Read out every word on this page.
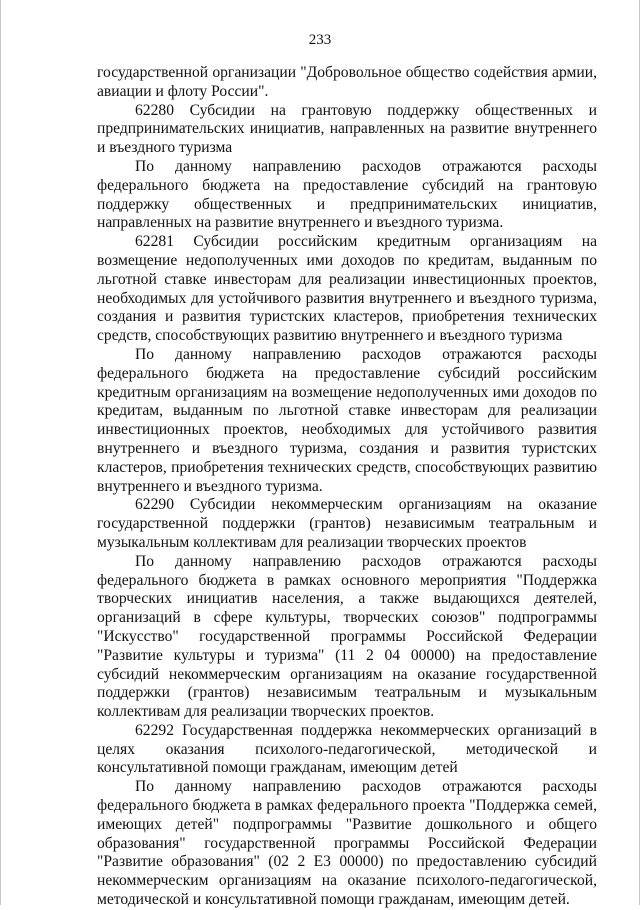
233

государственной организации "Добровольное общество содействия армии, авиации и флоту России".

62280 Субсидии на грантовую поддержку общественных и предпринимательских инициатив, направленных на развитие внутреннего и въездного туризма

По данному направлению расходов отражаются расходы федерального бюджета на предоставление субсидий на грантовую поддержку общественных и предпринимательских инициатив, направленных на развитие внутреннего и въездного туризма.

62281 Субсидии российским кредитным организациям на возмещение недополученных ими доходов по кредитам, выданным по льготной ставке инвесторам для реализации инвестиционных проектов, необходимых для устойчивого развития внутреннего и въездного туризма, создания и развития туристских кластеров, приобретения технических средств, способствующих развитию внутреннего и въездного туризма

По данному направлению расходов отражаются расходы федерального бюджета на предоставление субсидий российским кредитным организациям на возмещение недополученных ими доходов по кредитам, выданным по льготной ставке инвесторам для реализации инвестиционных проектов, необходимых для устойчивого развития внутреннего и въездного туризма, создания и развития туристских кластеров, приобретения технических средств, способствующих развитию внутреннего и въездного туризма.

62290 Субсидии некоммерческим организациям на оказание государственной поддержки (грантов) независимым театральным и музыкальным коллективам для реализации творческих проектов

По данному направлению расходов отражаются расходы федерального бюджета в рамках основного мероприятия "Поддержка творческих инициатив населения, а также выдающихся деятелей, организаций в сфере культуры, творческих союзов" подпрограммы "Искусство" государственной программы Российской Федерации "Развитие культуры и туризма" (11 2 04 00000) на предоставление субсидий некоммерческим организациям на оказание государственной поддержки (грантов) независимым театральным и музыкальным коллективам для реализации творческих проектов.

62292 Государственная поддержка некоммерческих организаций в целях оказания психолого-педагогической, методической и консультативной помощи гражданам, имеющим детей

По данному направлению расходов отражаются расходы федерального бюджета в рамках федерального проекта "Поддержка семей, имеющих детей" подпрограммы "Развитие дошкольного и общего образования" государственной программы Российской Федерации "Развитие образования" (02 2 E3 00000) по предоставлению субсидий некоммерческим организациям на оказание психолого-педагогической, методической и консультативной помощи гражданам, имеющим детей.
